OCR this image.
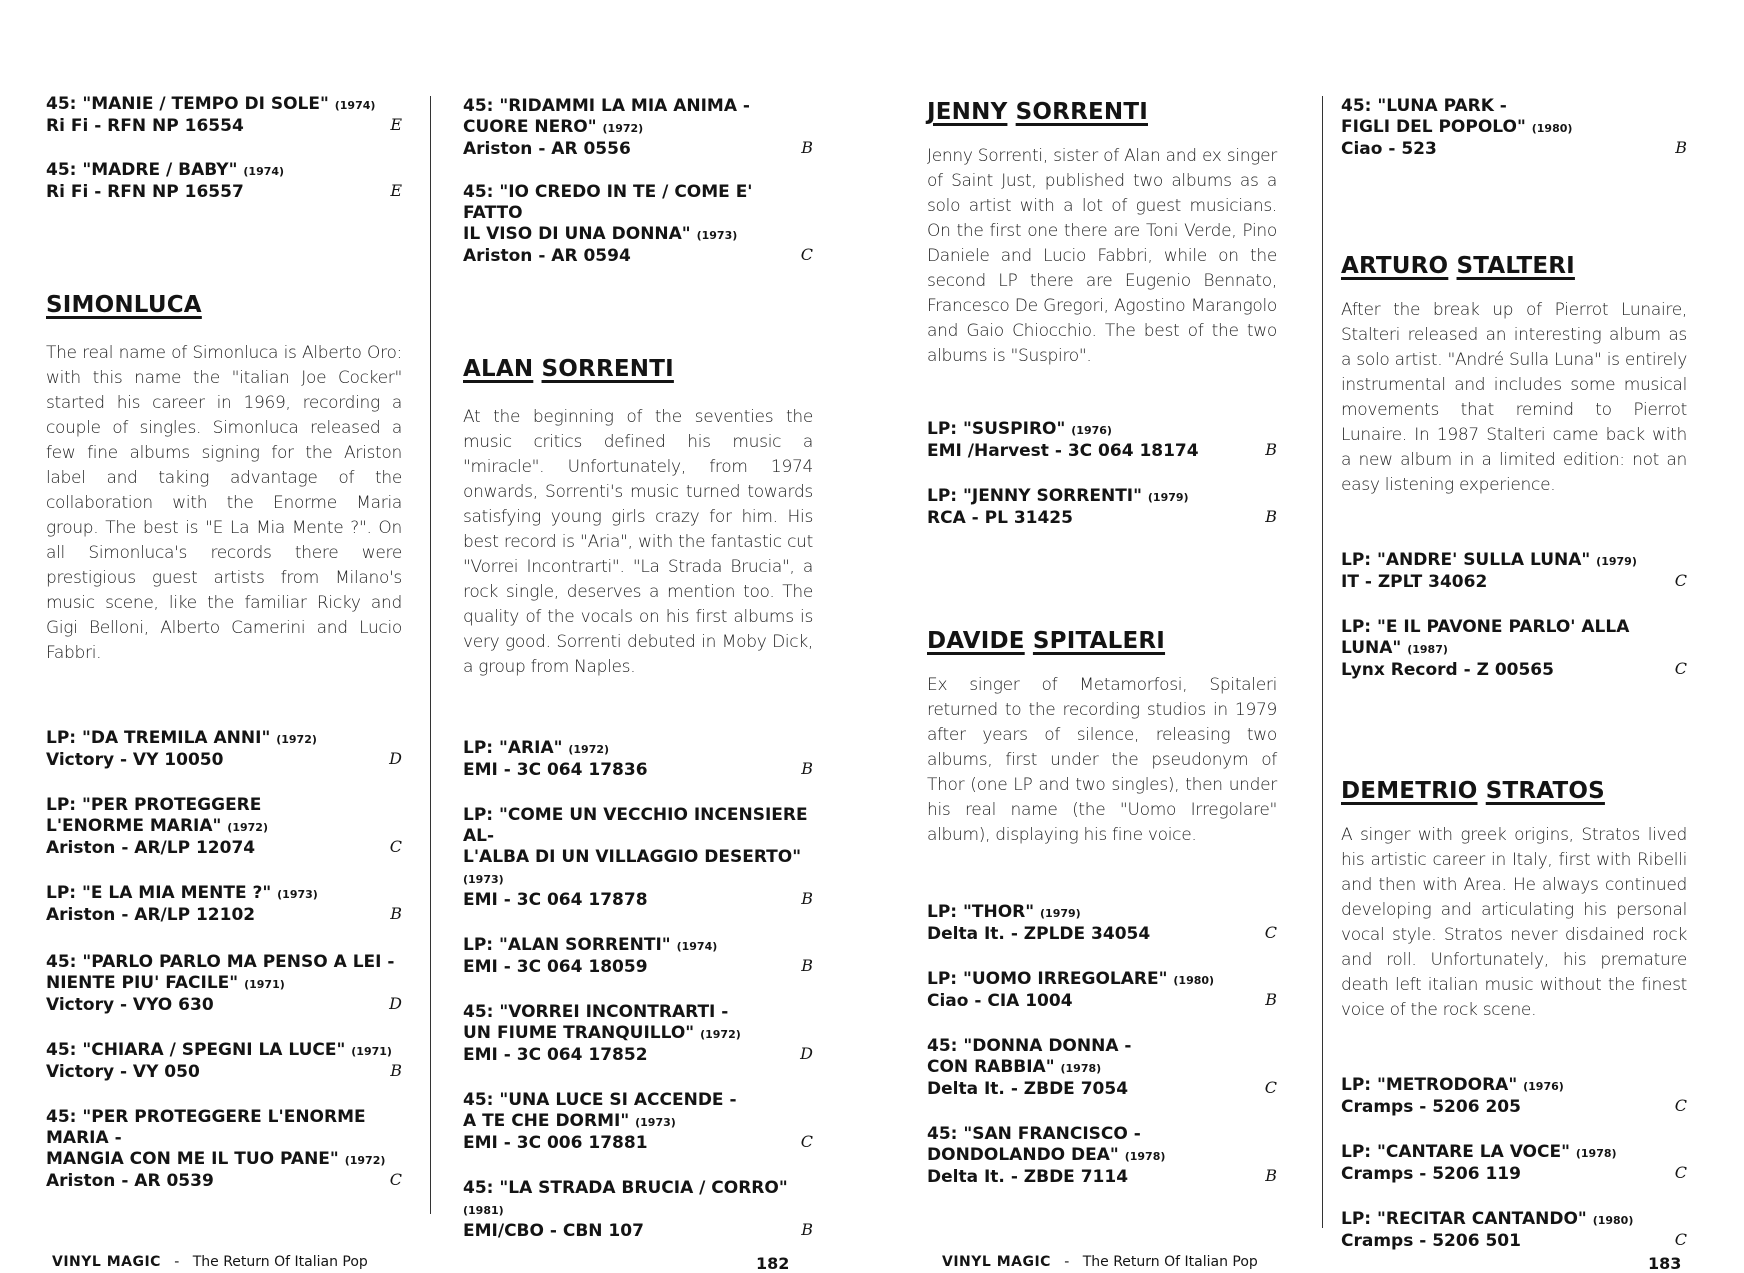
45: "MANIE / TEMPO DI SOLE" (1974)
Ri Fi - RFN NP 16554	E
45: "MADRE / BABY" (1974)
Ri Fi - RFN NP 16557	E
SIMONLUCA

The real name of Simonluca is Alberto Oro: with this name the "italian Joe Cocker" started his career in 1969, recording a couple of singles. Simonluca released a few fine albums signing for the Ariston label and taking advantage of the collaboration with the Enorme Maria group. The best is "E La Mia Mente ?". On all Simonluca's records there were prestigious guest artists from Milano's music scene, like the familiar Ricky and Gigi Belloni, Alberto Camerini and Lucio Fabbri.

LP: "DA TREMILA ANNI" (1972)
Victory - VY 10050	D
LP: "PER PROTEGGERE
L'ENORME MARIA" (1972)
Ariston - AR/LP 12074	C
LP: "E LA MIA MENTE ?" (1973)
Ariston - AR/LP 12102	B
45: "PARLO PARLO MA PENSO A LEI -
NIENTE PIU' FACILE" (1971)
Victory - VYO 630	D
45: "CHIARA / SPEGNI LA LUCE" (1971)
Victory - VY 050	B
45: "PER PROTEGGERE L'ENORME MARIA -
MANGIA CON ME IL TUO PANE" (1972)
Ariston - AR 0539	C
45: "RIDAMMI LA MIA ANIMA -
CUORE NERO" (1972)
Ariston - AR 0556	B
45: "IO CREDO IN TE / COME E' FATTO
IL VISO DI UNA DONNA" (1973)
Ariston - AR 0594	C
ALAN SORRENTI

At the beginning of the seventies the music critics defined his music a "miracle". Unfortunately, from 1974 onwards, Sorrenti's music turned towards satisfying young girls crazy for him. His best record is "Aria", with the fantastic cut "Vorrei Incontrarti". "La Strada Brucia", a rock single, deserves a mention too. The quality of the vocals on his first albums is very good. Sorrenti debuted in Moby Dick, a group from Naples.

LP: "ARIA" (1972)
EMI - 3C 064 17836	B
LP: "COME UN VECCHIO INCENSIERE AL-
L'ALBA DI UN VILLAGGIO DESERTO" (1973)
EMI - 3C 064 17878	B
LP: "ALAN SORRENTI" (1974)
EMI - 3C 064 18059	B
45: "VORREI INCONTRARTI -
UN FIUME TRANQUILLO" (1972)
EMI - 3C 064 17852	D
45: "UNA LUCE SI ACCENDE -
A TE CHE DORMI" (1973)
EMI - 3C 006 17881	C
45: "LA STRADA BRUCIA / CORRO" (1981)
EMI/CBO - CBN 107	B
JENNY SORRENTI

Jenny Sorrenti, sister of Alan and ex singer of Saint Just, published two albums as a solo artist with a lot of guest musicians. On the first one there are Toni Verde, Pino Daniele and Lucio Fabbri, while on the second LP there are Eugenio Bennato, Francesco De Gregori, Agostino Marangolo and Gaio Chiocchio. The best of the two albums is "Suspiro".

LP: "SUSPIRO" (1976)
EMI /Harvest - 3C 064 18174	B
LP: "JENNY SORRENTI" (1979)
RCA - PL 31425	B
DAVIDE SPITALERI

Ex singer of Metamorfosi, Spitaleri returned to the recording studios in 1979 after years of silence, releasing two albums, first under the pseudonym of Thor (one LP and two singles), then under his real name (the "Uomo Irregolare" album), displaying his fine voice.

LP: "THOR" (1979)
Delta It. - ZPLDE 34054	C
LP: "UOMO IRREGOLARE" (1980)
Ciao - CIA 1004	B
45: "DONNA DONNA -
CON RABBIA" (1978)
Delta It. - ZBDE 7054	C
45: "SAN FRANCISCO -
DONDOLANDO DEA" (1978)
Delta It. - ZBDE 7114	B
45: "LUNA PARK -
FIGLI DEL POPOLO" (1980)
Ciao - 523	B
ARTURO STALTERI

After the break up of Pierrot Lunaire, Stalteri released an interesting album as a solo artist. "André Sulla Luna" is entirely instrumental and includes some musical movements that remind to Pierrot Lunaire. In 1987 Stalteri came back with a new album in a limited edition: not an easy listening experience.

LP: "ANDRE' SULLA LUNA" (1979)
IT - ZPLT 34062	C
LP: "E IL PAVONE PARLO' ALLA LUNA" (1987)
Lynx Record - Z 00565	C
DEMETRIO STRATOS

A singer with greek origins, Stratos lived his artistic career in Italy, first with Ribelli and then with Area. He always continued developing and articulating his personal vocal style. Stratos never disdained rock and roll. Unfortunately, his premature death left italian music without the finest voice of the rock scene.

LP: "METRODORA" (1976)
Cramps - 5206 205	C
LP: "CANTARE LA VOCE" (1978)
Cramps - 5206 119	C
LP: "RECITAR CANTANDO" (1980)
Cramps - 5206 501	C
VINYL MAGIC - The Return Of Italian Pop	182	VINYL MAGIC - The Return Of Italian Pop	183
